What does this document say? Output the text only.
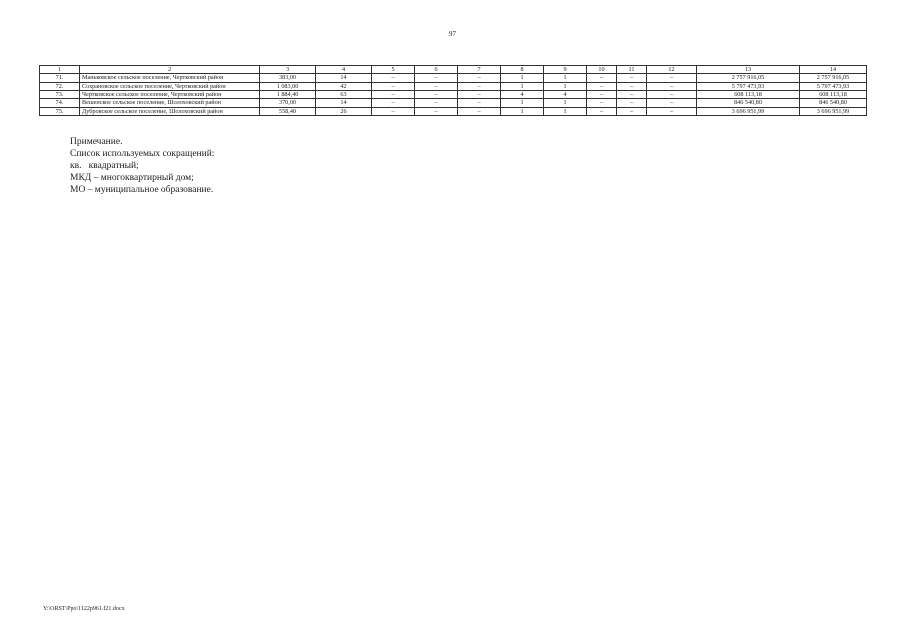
97
1	2	3	4	5	6	7	8	9	10	11	12	13	14
71.	Маньковское сельское поселение, Чертковский район	383,00	14	–	–	–	1	1	–	–	–	2 757 916,05	2 757 916,05
72.	Сохрановское сельское поселение, Чертковский район	1 083,00	42	–	–	–	1	1	–	–	–	5 797 473,93	5 797 473,93
73.	Чертковское сельское поселение, Чертковский район	1 884,40	63	–	–	–	4	4	–	–	–	608 113,18	608 113,18
74.	Вешенское сельское поселение, Шолоховский район	370,00	14	–	–	–	1	1	–	–	–	846 540,80	846 540,80
75.	Дубровское сельское поселение, Шолоховский район	558,40	26	–	–	–	1	1	–	–	–	3 696 951,99	3 696 951,99
Примечание.
Список используемых сокращений:
кв.   квадратный;
МКД – многоквартирный дом;
МО – муниципальное образование.
Y:\ORST\Ppo\1122p961.f21.docx
